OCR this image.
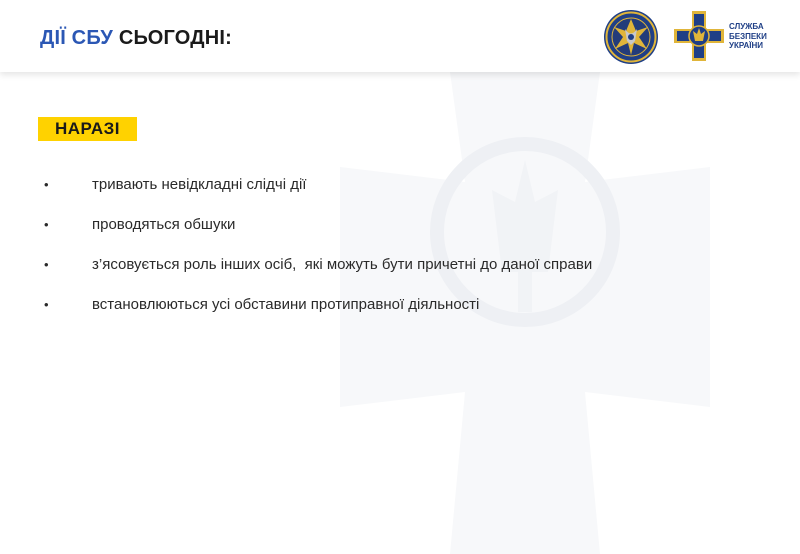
ДІЇ СБУ СЬОГОДНІ:
СЛУЖБА
БЕЗПЕКИ
УКРАЇНИ
НАРАЗІ
•	тривають невідкладні слідчі дії
•	проводяться обшуки
•	з’ясовується роль інших осіб,  які можуть бути причетні до даної справи
•	встановлюються усі обставини протиправної діяльності
